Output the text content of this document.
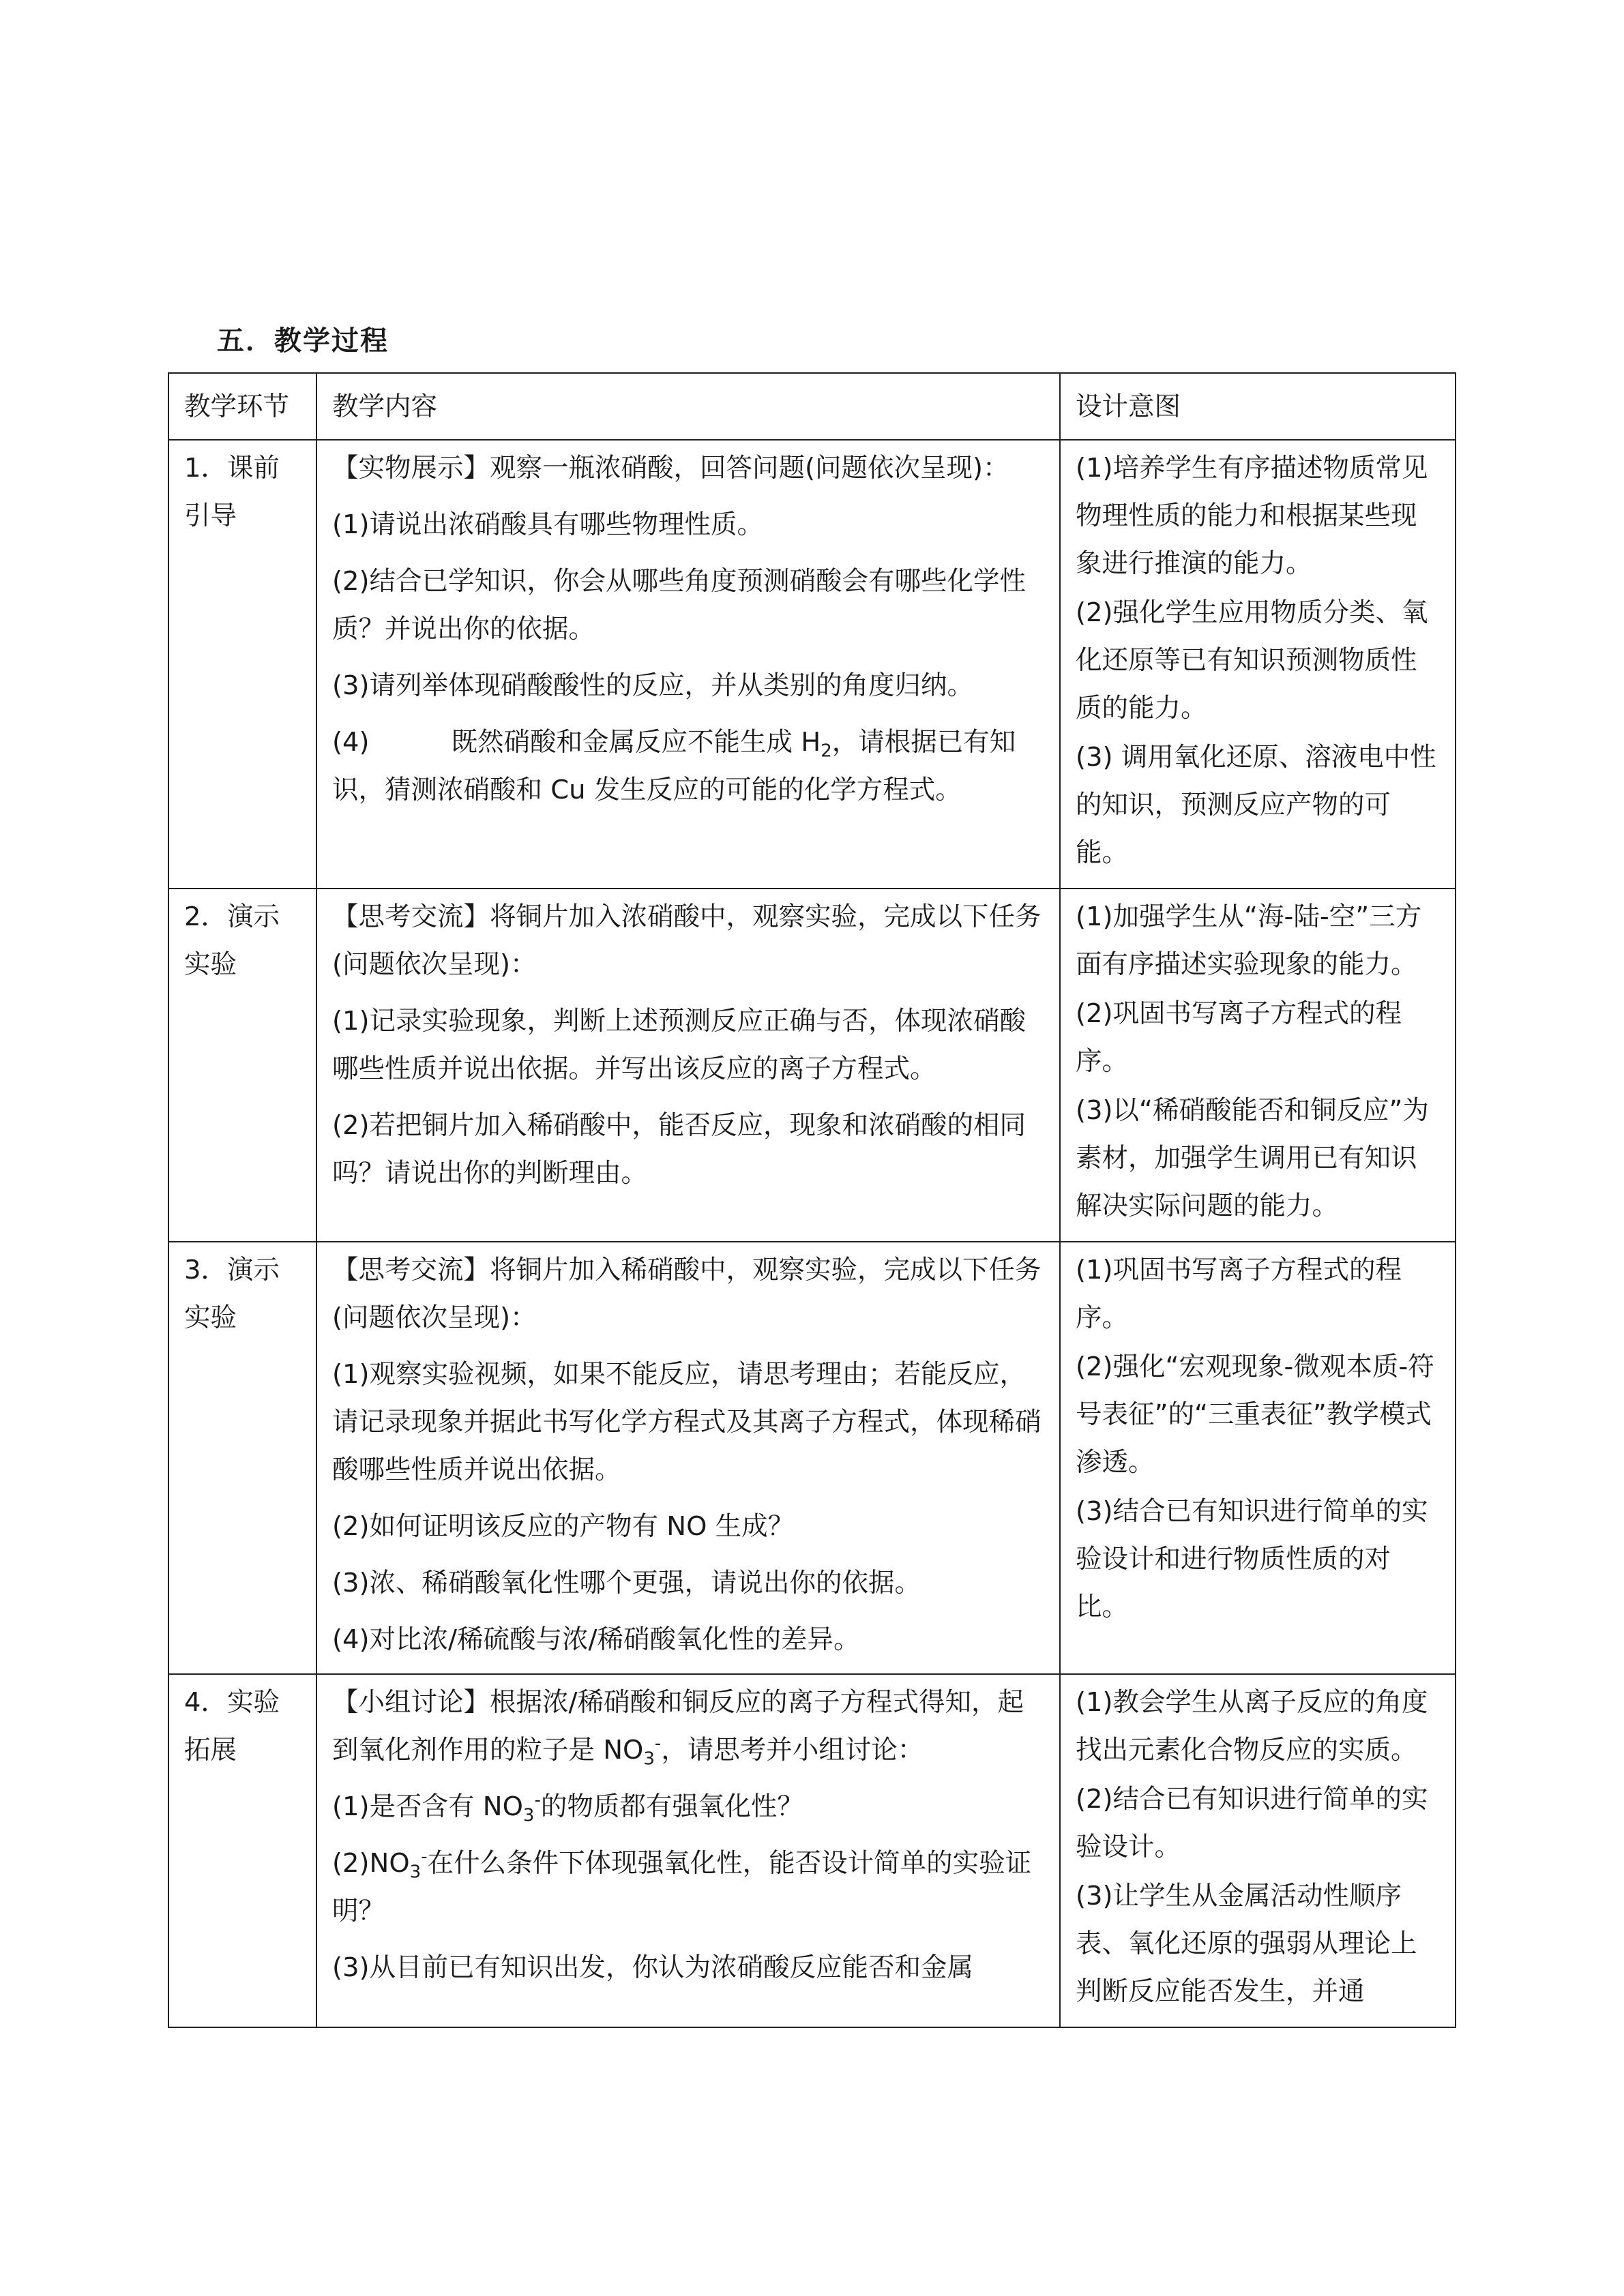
五．教学过程
教学环节	教学内容	设计意图

1．课前
引导	【实物展示】观察一瓶浓硝酸，回答问题(问题依次呈现)：
(1)请说出浓硝酸具有哪些物理性质。
(2)结合已学知识，你会从哪些角度预测硝酸会有哪些化学性质？并说出你的依据。
(3)请列举体现硝酸酸性的反应，并从类别的角度归纳。
(4) 既然硝酸和金属反应不能生成 $H_2$，请根据已有知识，猜测浓硝酸和 Cu 发生反应的可能的化学方程式。	(1)培养学生有序描述物质常见物理性质的能力和根据某些现象进行推演的能力。
(2)强化学生应用物质分类、氧化还原等已有知识预测物质性质的能力。
(3) 调用氧化还原、溶液电中性的知识，预测反应产物的可能。

2．演示
实验	【思考交流】将铜片加入浓硝酸中，观察实验，完成以下任务(问题依次呈现)：
(1)记录实验现象，判断上述预测反应正确与否，体现浓硝酸哪些性质并说出依据。并写出该反应的离子方程式。
(2)若把铜片加入稀硝酸中，能否反应，现象和浓硝酸的相同吗？请说出你的判断理由。	(1)加强学生从“海-陆-空”三方面有序描述实验现象的能力。
(2)巩固书写离子方程式的程序。
(3)以“稀硝酸能否和铜反应”为素材，加强学生调用已有知识解决实际问题的能力。

3．演示
实验	【思考交流】将铜片加入稀硝酸中，观察实验，完成以下任务(问题依次呈现)：
(1)观察实验视频，如果不能反应，请思考理由；若能反应，请记录现象并据此书写化学方程式及其离子方程式，体现稀硝酸哪些性质并说出依据。
(2)如何证明该反应的产物有 NO 生成？
(3)浓、稀硝酸氧化性哪个更强，请说出你的依据。
(4)对比浓/稀硫酸与浓/稀硝酸氧化性的差异。	(1)巩固书写离子方程式的程序。
(2)强化“宏观现象-微观本质-符号表征”的“三重表征”教学模式渗透。
(3)结合已有知识进行简单的实验设计和进行物质性质的对比。

4．实验
拓展	【小组讨论】根据浓/稀硝酸和铜反应的离子方程式得知，起到氧化剂作用的粒子是 $NO_3^-$，请思考并小组讨论：
(1)是否含有 $NO_3^-$的物质都有强氧化性？
$(2)NO_3^-$在什么条件下体现强氧化性，能否设计简单的实验证明？
(3)从目前已有知识出发，你认为浓硝酸反应能否和金属	(1)教会学生从离子反应的角度找出元素化合物反应的实质。
(2)结合已有知识进行简单的实验设计。
(3)让学生从金属活动性顺序表、氧化还原的强弱从理论上判断反应能否发生，并通
